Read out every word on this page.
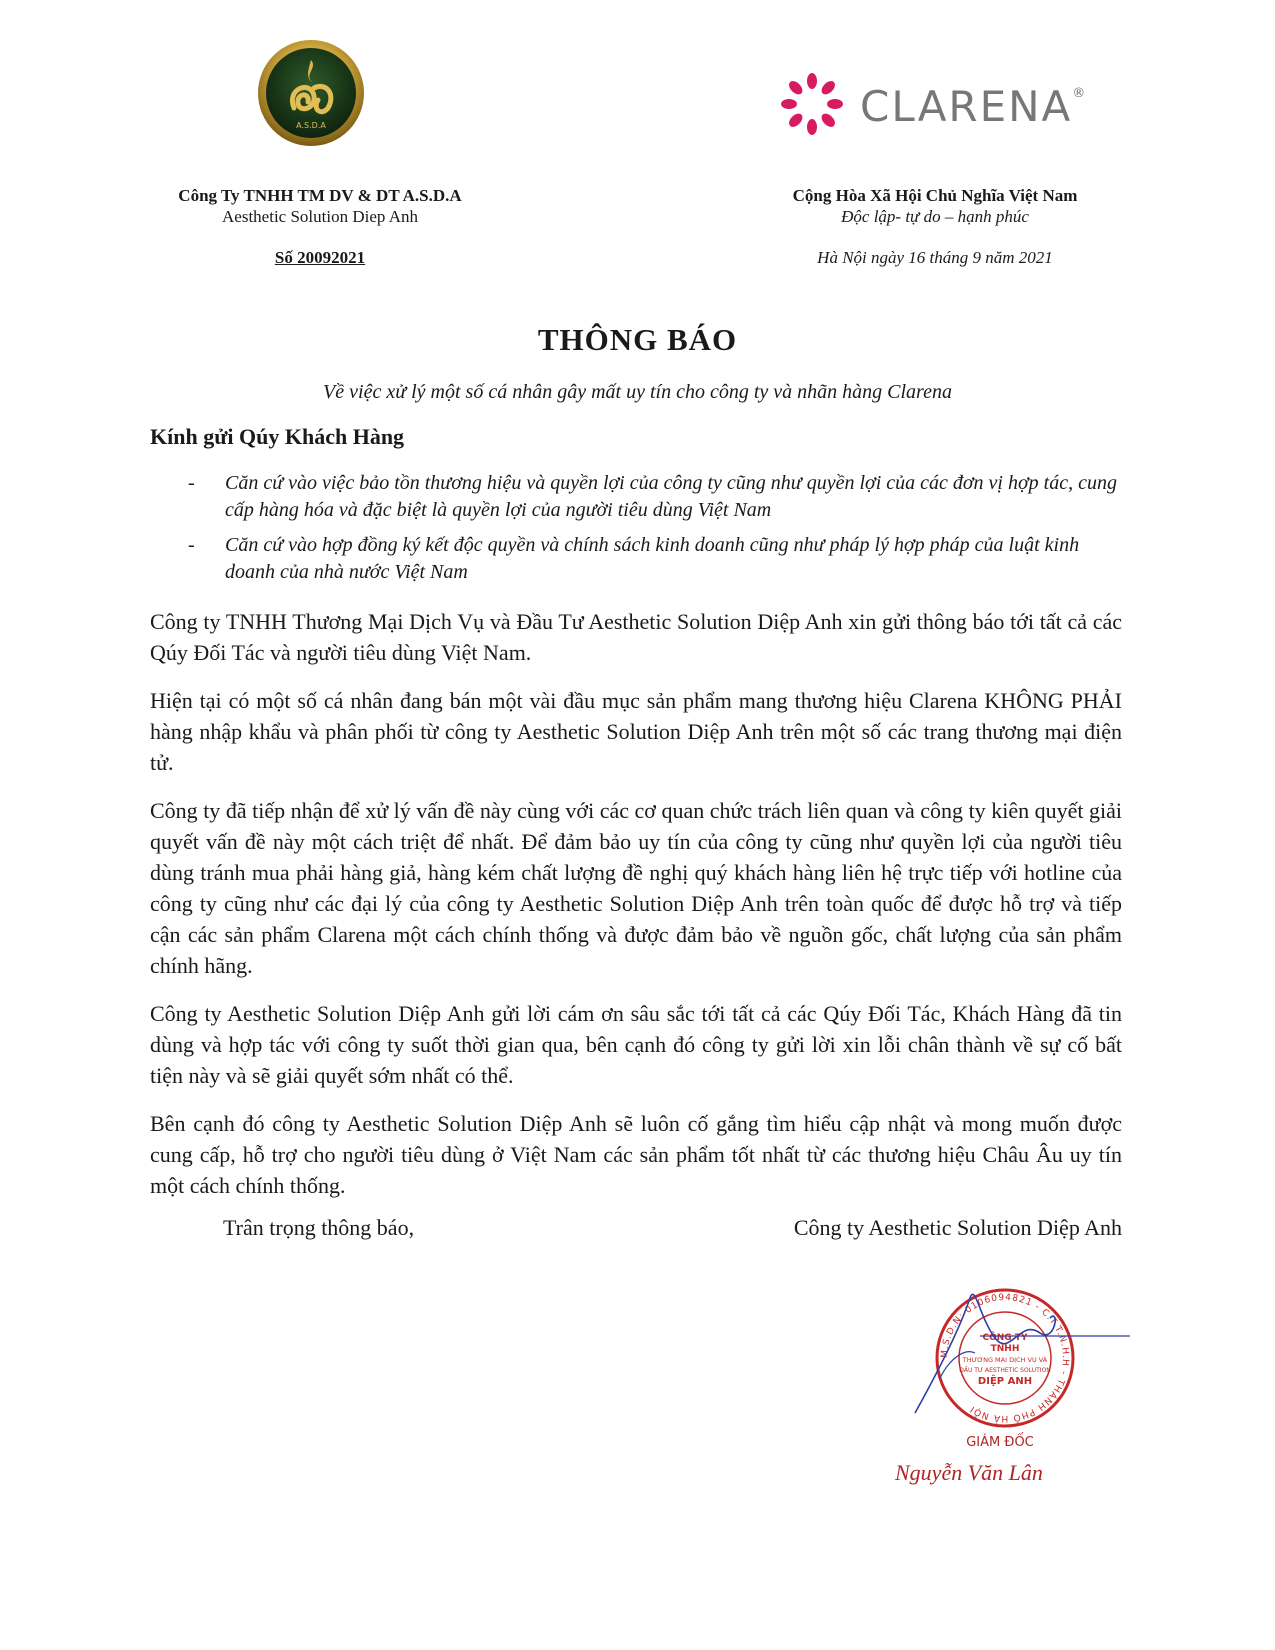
A.S.D.A	CLARENA®
Công Ty TNHH TM DV & DT A.S.D.A
Aesthetic Solution Diep Anh
Số 20092021
Cộng Hòa Xã Hội Chủ Nghĩa Việt Nam
Độc lập- tự do – hạnh phúc
Hà Nội ngày 16 tháng 9 năm 2021
THÔNG BÁO
Về việc xử lý một số cá nhân gây mất uy tín cho công ty và nhãn hàng Clarena
Kính gửi Qúy Khách Hàng
- Căn cứ vào việc bảo tồn thương hiệu và quyền lợi của công ty cũng như quyền lợi của các đơn vị hợp tác, cung cấp hàng hóa và đặc biệt là quyền lợi của người tiêu dùng Việt Nam
- Căn cứ vào hợp đồng ký kết độc quyền và chính sách kinh doanh cũng như pháp lý hợp pháp của luật kinh doanh của nhà nước Việt Nam

Công ty TNHH Thương Mại Dịch Vụ và Đầu Tư Aesthetic Solution Diệp Anh xin gửi thông báo tới tất cả các Qúy Đối Tác và người tiêu dùng Việt Nam.

Hiện tại có một số cá nhân đang bán một vài đầu mục sản phẩm mang thương hiệu Clarena KHÔNG PHẢI hàng nhập khẩu và phân phối từ công ty Aesthetic Solution Diệp Anh trên một số các trang thương mại điện tử.

Công ty đã tiếp nhận để xử lý vấn đề này cùng với các cơ quan chức trách liên quan và công ty kiên quyết giải quyết vấn đề này một cách triệt để nhất. Để đảm bảo uy tín của công ty cũng như quyền lợi của người tiêu dùng tránh mua phải hàng giả, hàng kém chất lượng đề nghị quý khách hàng liên hệ trực tiếp với hotline của công ty cũng như các đại lý của công ty Aesthetic Solution Diệp Anh trên toàn quốc để được hỗ trợ và tiếp cận các sản phẩm Clarena một cách chính thống và được đảm bảo về nguồn gốc, chất lượng của sản phẩm chính hãng.

Công ty Aesthetic Solution Diệp Anh gửi lời cám ơn sâu sắc tới tất cả các Qúy Đối Tác, Khách Hàng đã tin dùng và hợp tác với công ty suốt thời gian qua, bên cạnh đó công ty gửi lời xin lỗi chân thành về sự cố bất tiện này và sẽ giải quyết sớm nhất có thể.

Bên cạnh đó công ty Aesthetic Solution Diệp Anh sẽ luôn cố gắng tìm hiểu cập nhật và mong muốn được cung cấp, hỗ trợ cho người tiêu dùng ở Việt Nam các sản phẩm tốt nhất từ các thương hiệu Châu Âu uy tín một cách chính thống.

Trân trọng thông báo,	Công ty Aesthetic Solution Diệp Anh
M.S.D.N: 0106094821 - C.T.T.N.H.H - THÀNH PHỐ HÀ NỘI
CÔNG TY
TNHH
THƯƠNG MẠI DỊCH VỤ VÀ
ĐẦU TƯ AESTHETIC SOLUTION
DIỆP ANH
GIÁM ĐỐC
Nguyễn Văn Lân
